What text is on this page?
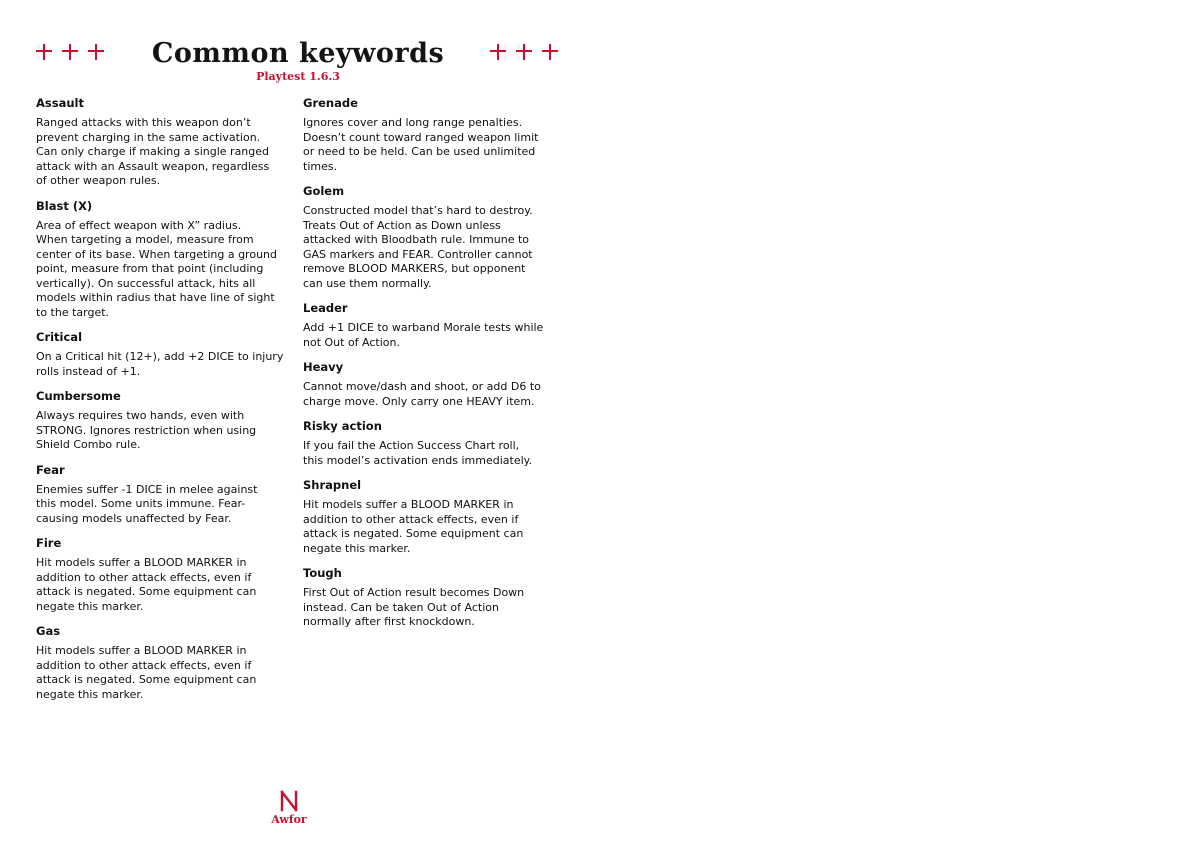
Common keywords
Playtest 1.6.3
Assault

Ranged attacks with this weapon don’t
prevent charging in the same activation.
Can only charge if making a single ranged
attack with an Assault weapon, regardless
of other weapon rules.

Blast (X)

Area of effect weapon with X” radius.
When targeting a model, measure from
center of its base. When targeting a ground
point, measure from that point (including
vertically). On successful attack, hits all
models within radius that have line of sight
to the target.

Critical

On a Critical hit (12+), add +2 DICE to injury
rolls instead of +1.

Cumbersome

Always requires two hands, even with
STRONG. Ignores restriction when using
Shield Combo rule.

Fear

Enemies suffer -1 DICE in melee against
this model. Some units immune. Fear-
causing models unaffected by Fear.

Fire

Hit models suffer a BLOOD MARKER in
addition to other attack effects, even if
attack is negated. Some equipment can
negate this marker.

Gas

Hit models suffer a BLOOD MARKER in
addition to other attack effects, even if
attack is negated. Some equipment can
negate this marker.

Grenade

Ignores cover and long range penalties.
Doesn’t count toward ranged weapon limit
or need to be held. Can be used unlimited
times.

Golem

Constructed model that’s hard to destroy.
Treats Out of Action as Down unless
attacked with Bloodbath rule. Immune to
GAS markers and FEAR. Controller cannot
remove BLOOD MARKERS, but opponent
can use them normally.

Leader

Add +1 DICE to warband Morale tests while
not Out of Action.

Heavy

Cannot move/dash and shoot, or add D6 to
charge move. Only carry one HEAVY item.

Risky action

If you fail the Action Success Chart roll,
this model’s activation ends immediately.

Shrapnel

Hit models suffer a BLOOD MARKER in
addition to other attack effects, even if
attack is negated. Some equipment can
negate this marker.

Tough

First Out of Action result becomes Down
instead. Can be taken Out of Action
normally after first knockdown.

Awfor
